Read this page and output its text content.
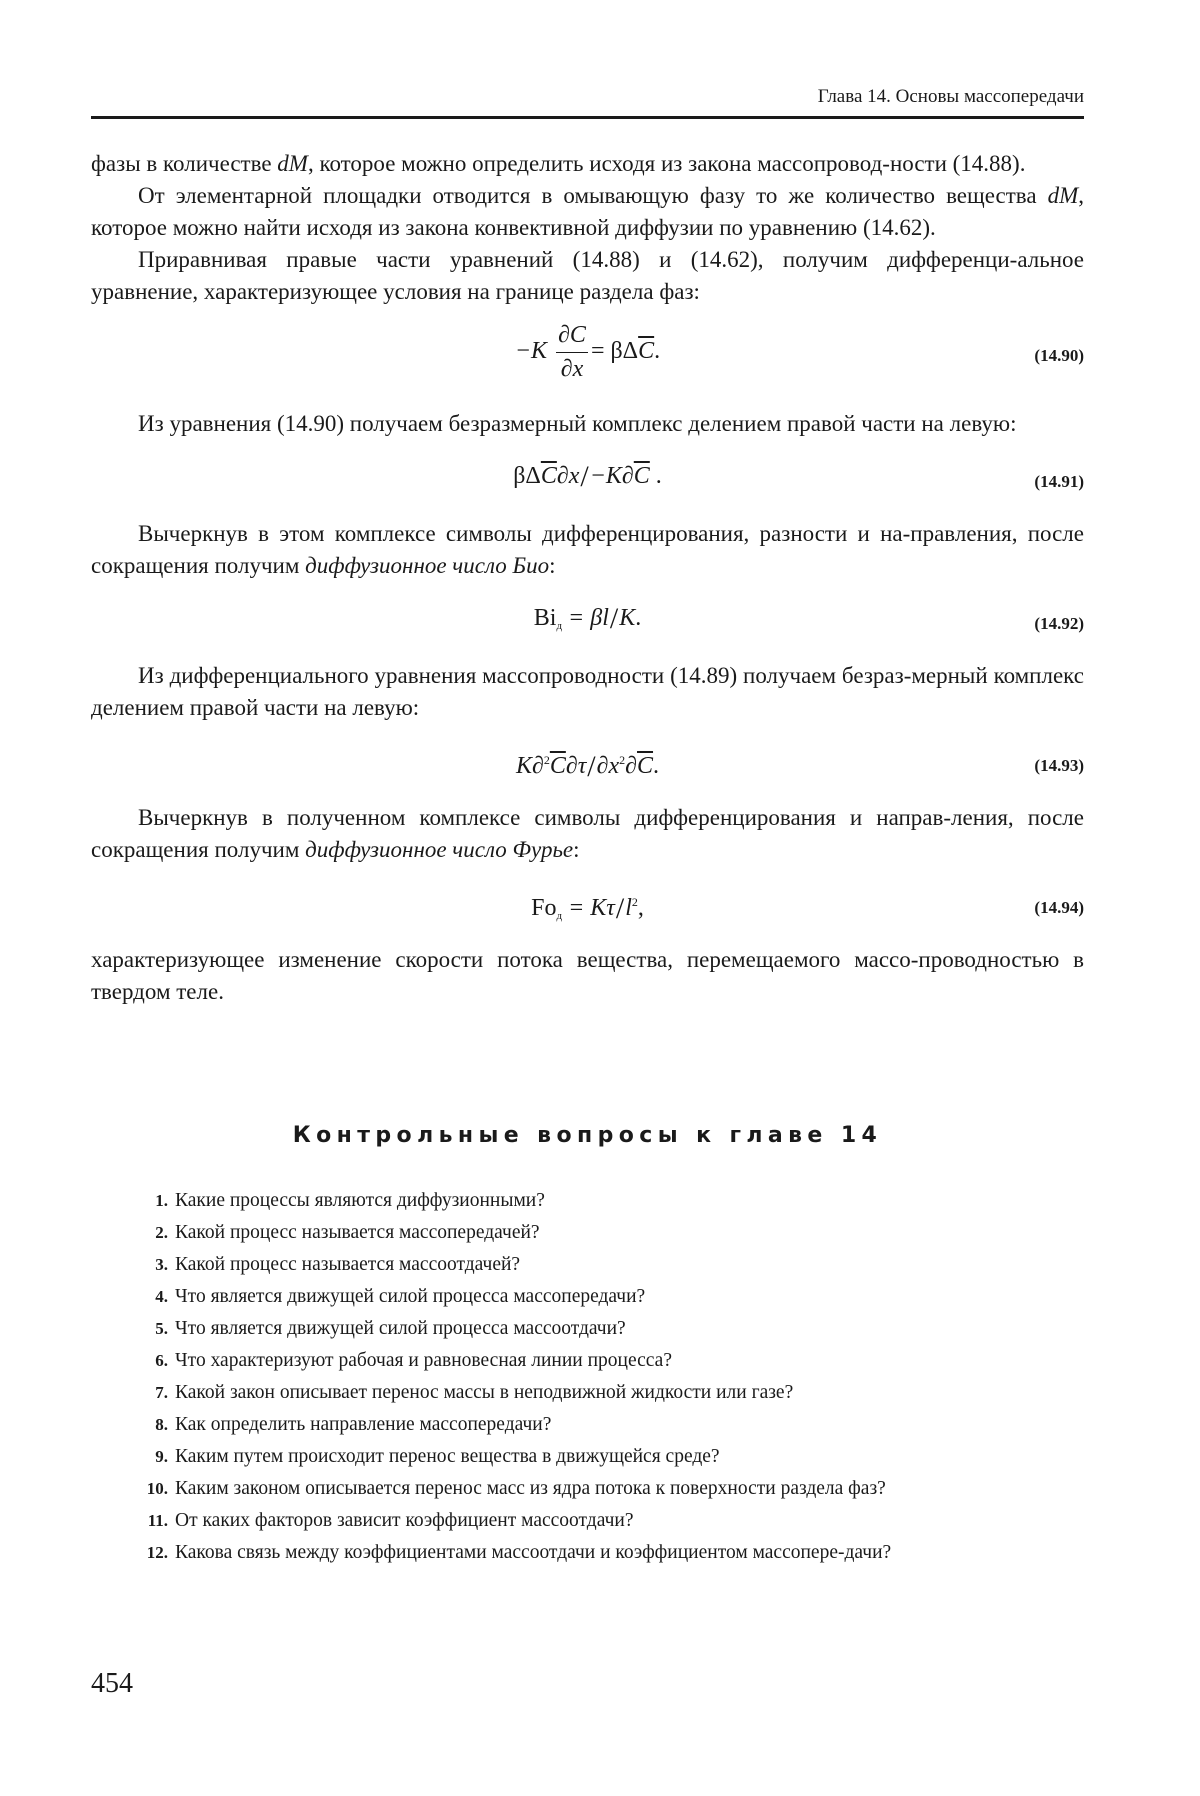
Глава 14. Основы массопередачи

фазы в количестве dM, которое можно определить исходя из закона массопровод-ности (14.88).

От элементарной площадки отводится в омывающую фазу то же количество вещества dM, которое можно найти исходя из закона конвективной диффузии по уравнению (14.62).

Приравнивая правые части уравнений (14.88) и (14.62), получим дифференци-альное уравнение, характеризующее условия на границе раздела фаз:

−K
∂C
∂x
= βΔC.	(14.90)

Из уравнения (14.90) получаем безразмерный комплекс делением правой части на левую:

βΔC∂x/−K∂C .	(14.91)

Вычеркнув в этом комплексе символы дифференцирования, разности и на-правления, после сокращения получим диффузионное число Био:

Biд = βl/K.	(14.92)

Из дифференциального уравнения массопроводности (14.89) получаем безраз-мерный комплекс делением правой части на левую:

K∂2C∂τ/∂x2∂C.	(14.93)

Вычеркнув в полученном комплексе символы дифференцирования и направ-ления, после сокращения получим диффузионное число Фурье:

Foд = Kτ/l2,	(14.94)

характеризующее изменение скорости потока вещества, перемещаемого массо-проводностью в твердом теле.

Контрольные вопросы к главе 14
1. Какие процессы являются диффузионными?
2. Какой процесс называется массопередачей?
3. Какой процесс называется массоотдачей?
4. Что является движущей силой процесса массопередачи?
5. Что является движущей силой процесса массоотдачи?
6. Что характеризуют рабочая и равновесная линии процесса?
7. Какой закон описывает перенос массы в неподвижной жидкости или газе?
8. Как определить направление массопередачи?
9. Каким путем происходит перенос вещества в движущейся среде?
10. Каким законом описывается перенос масс из ядра потока к поверхности раздела фаз?
11. От каких факторов зависит коэффициент массоотдачи?
12. Какова связь между коэффициентами массоотдачи и коэффициентом массопере-дачи?
454
